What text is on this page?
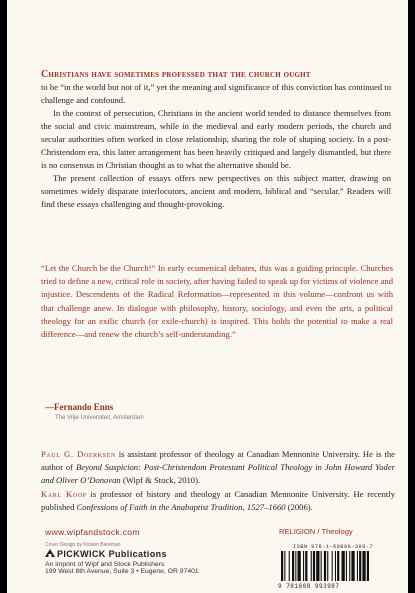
Christians have sometimes professed that the church ought
to be “in the world but not of it,” yet the meaning and significance of this conviction has continued to challenge and confound.

In the context of persecution, Christians in the ancient world tended to distance themselves from the social and civic mainstream, while in the medieval and early modern periods, the church and secular authorities often worked in close relationship, sharing the role of shaping society. In a post-Christendom era, this latter arrangement has been heavily critiqued and largely dismantled, but there is no consensus in Christian thought as to what the alternative should be.

The present collection of essays offers new perspectives on this subject matter, drawing on sometimes widely disparate interlocutors, ancient and modern, biblical and “secular.” Readers will find these essays challenging and thought-provoking.

“Let the Church be the Church!” In early ecumenical debates, this was a guiding principle. Churches tried to define a new, critical role in society, after having failed to speak up for victims of violence and injustice. Descendents of the Radical Reformation—represented in this volume—confront us with that challenge anew. In dialogue with philosophy, history, sociology, and even the arts, a political theology for an exilic church (or exile-church) is inspired. This holds the potential to make a real difference—and renew the church’s self-understanding.”

—Fernando Enns
The Vrije Universiteit, Amsterdam

Paul G. Doerksen is assistant professor of theology at Canadian Mennonite University. He is the author of Beyond Suspicion: Post-Christendom Protestant Political Theology in John Howard Yoder and Oliver O’Donovan (Wipf & Stock, 2010).

Karl Koop is professor of history and theology at Canadian Mennonite University. He recently published Confessions of Faith in the Anabaptist Tradition, 1527–1660 (2006).

www.wipfandstock.com
Cover Design by Kristen Bareman
PICKWICK Publications
An imprint of Wipf and Stock Publishers
199 West 8th Avenue, Suite 3 • Eugene, OR 97401
RELIGION / Theology
ISBN 978-1-60899-398-7
9 781608 993987
